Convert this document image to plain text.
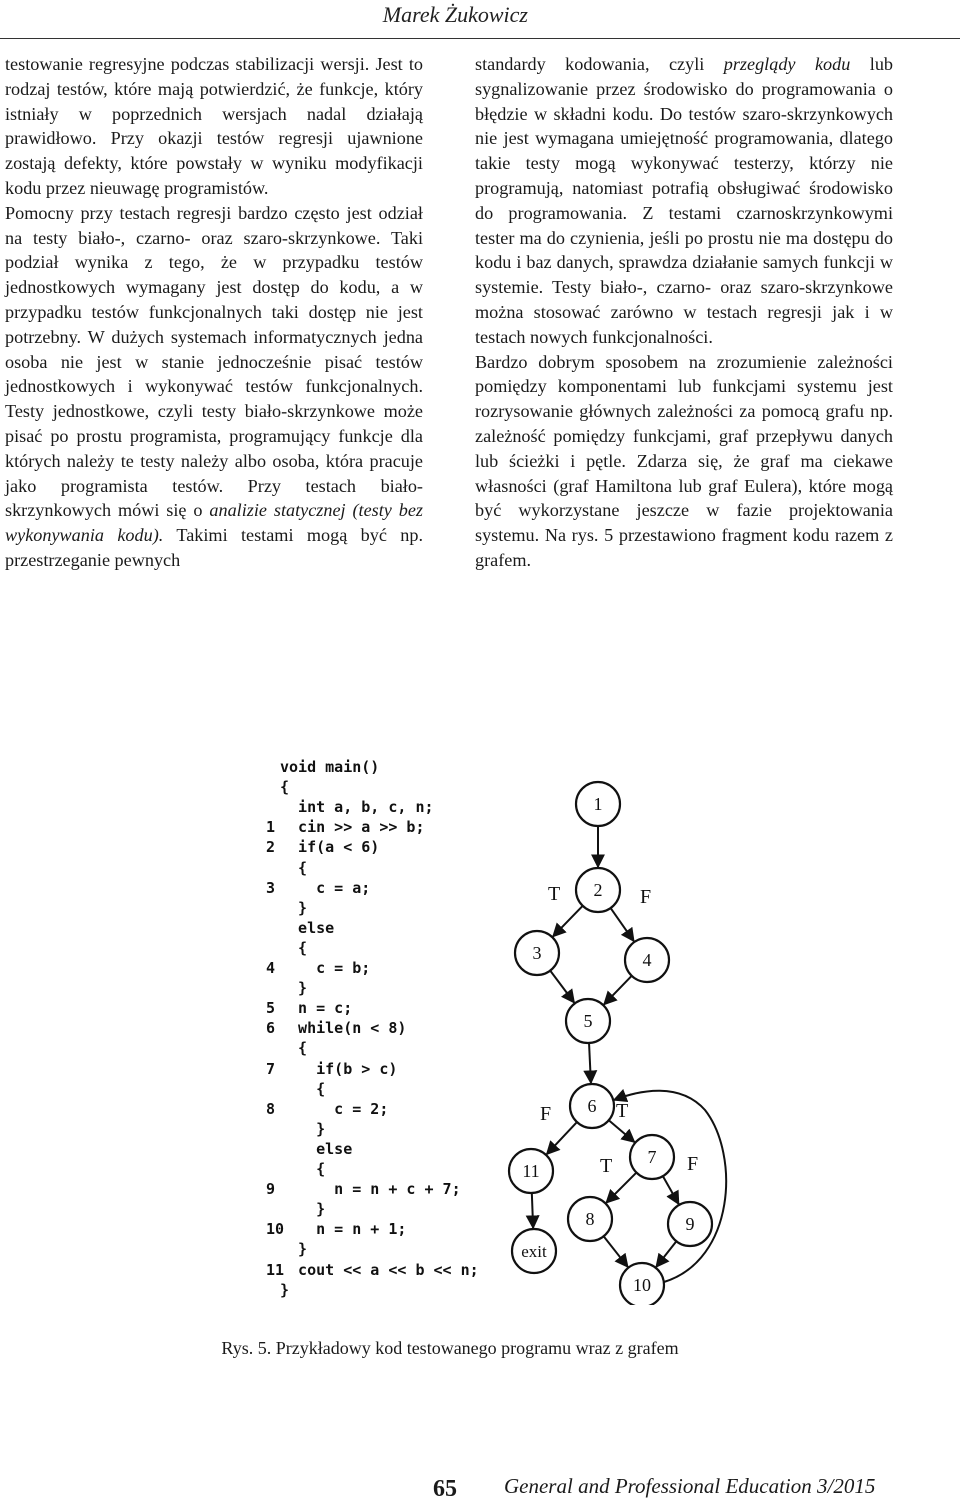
Marek Żukowicz

testowanie regresyjne podczas stabilizacji wersji. Jest to rodzaj testów, które mają potwierdzić, że funkcje, który istniały w poprzednich wersjach nadal działają prawidłowo. Przy okazji testów regresji ujawnione zostają defekty, które powstały w wyniku modyfikacji kodu przez nieuwagę programistów.

Pomocny przy testach regresji bardzo często jest odział na testy biało-, czarno- oraz szaro-skrzynkowe. Taki podział wynika z tego, że w przypadku testów jednostkowych wymagany jest dostęp do kodu, a w przypadku testów funkcjonalnych taki dostęp nie jest potrzebny. W dużych systemach informatycznych jedna osoba nie jest w stanie jednocześnie pisać testów jednostkowych i wykonywać testów funkcjonalnych. Testy jednostkowe, czyli testy biało-skrzynkowe może pisać po prostu programista, programujący funkcje dla których należy te testy należy albo osoba, która pracuje jako programista testów. Przy testach biało-skrzynkowych mówi się o analizie statycznej (testy bez wykonywania kodu). Takimi testami mogą być np. przestrzeganie pewnych

standardy kodowania, czyli przeglądy kodu lub sygnalizowanie przez środowisko do programowania o błędzie w składni kodu. Do testów szaro-skrzynkowych nie jest wymagana umiejętność programowania, dlatego takie testy mogą wykonywać testerzy, którzy nie programują, natomiast potrafią obsługiwać środowisko do programowania. Z testami czarnoskrzynkowymi tester ma do czynienia, jeśli po prostu nie ma dostępu do kodu i baz danych, sprawdza działanie samych funkcji w systemie. Testy biało-, czarno- oraz szaro-skrzynkowe można stosować zarówno w testach regresji jak i w testach nowych funkcjonalności.

Bardzo dobrym sposobem na zrozumienie zależności pomiędzy komponentami lub funkcjami systemu jest rozrysowanie głównych zależności za pomocą grafu np. zależność pomiędzy funkcjami, graf przepływu danych lub ścieżki i pętle. Zdarza się, że graf ma ciekawe własności (graf Hamiltona lub graf Eulera), które mogą być wykorzystane jeszcze w fazie projektowania systemu. Na rys. 5 przestawiono fragment kodu razem z grafem.

void main()
{
int a, b, c, n;
1 cin >> a >> b;
2 if(a < 6)
{
3 c = a;
}
else
{
4 c = b;
}
5 n = c;
6 while(n < 8)
{
7 if(b > c)
{
8 c = 2;
}
else
{
9 n = n + c + 7;
}
10
n = n + 1;
}
11
cout << a << b << n;
}
1
2
3	4
5
6
7
8	9
10
11
exit
T	F
F	T
T	F
Rys. 5. Przykładowy kod testowanego programu wraz z grafem
65 General and Professional Education 3/2015
